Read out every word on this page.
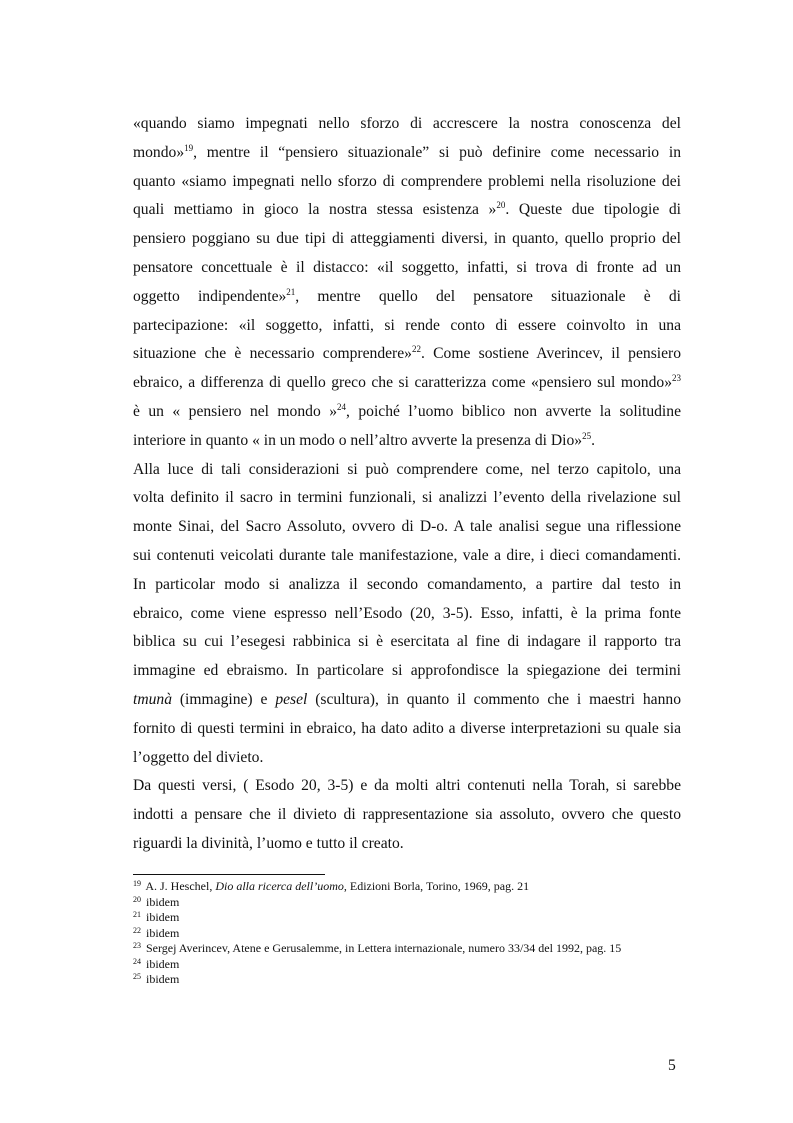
«quando siamo impegnati nello sforzo di accrescere la nostra conoscenza del
mondo»$^{19}$, mentre il “pensiero situazionale” si può definire come necessario in
quanto «siamo impegnati nello sforzo di comprendere problemi nella risoluzione dei
quali mettiamo in gioco la nostra stessa esistenza »$^{20}$. Queste due tipologie di
pensiero poggiano su due tipi di atteggiamenti diversi, in quanto, quello proprio del
pensatore concettuale è il distacco: «il soggetto, infatti, si trova di fronte ad un
oggetto indipendente»$^{21}$, mentre quello del pensatore situazionale è di
partecipazione: «il soggetto, infatti, si rende conto di essere coinvolto in una
situazione che è necessario comprendere»$^{22}$. Come sostiene Averincev, il pensiero
ebraico, a differenza di quello greco che si caratterizza come «pensiero sul mondo»$^{23}$
è un « pensiero nel mondo »$^{24}$, poiché l’uomo biblico non avverte la solitudine
interiore in quanto « in un modo o nell’altro avverte la presenza di Dio»$^{25}$.

Alla luce di tali considerazioni si può comprendere come, nel terzo capitolo, una
volta definito il sacro in termini funzionali, si analizzi l’evento della rivelazione sul
monte Sinai, del Sacro Assoluto, ovvero di D-o. A tale analisi segue una riflessione
sui contenuti veicolati durante tale manifestazione, vale a dire, i dieci comandamenti.
In particolar modo si analizza il secondo comandamento, a partire dal testo in
ebraico, come viene espresso nell’Esodo (20, 3-5). Esso, infatti, è la prima fonte
biblica su cui l’esegesi rabbinica si è esercitata al fine di indagare il rapporto tra
immagine ed ebraismo. In particolare si approfondisce la spiegazione dei termini
tmunà (immagine) e pesel (scultura), in quanto il commento che i maestri hanno
fornito di questi termini in ebraico, ha dato adito a diverse interpretazioni su quale sia
l’oggetto del divieto.

Da questi versi, ( Esodo 20, 3-5) e da molti altri contenuti nella Torah, si sarebbe
indotti a pensare che il divieto di rappresentazione sia assoluto, ovvero che questo
riguardi la divinità, l’uomo e tutto il creato.

$^{19}$ A. J. Heschel, Dio alla ricerca dell’uomo, Edizioni Borla, Torino, 1969, pag. 21
$^{20}$ ibidem
$^{21}$ ibidem
$^{22}$ ibidem
$^{23}$ Sergej Averincev, Atene e Gerusalemme, in Lettera internazionale, numero 33/34 del 1992, pag. 15
$^{24}$ ibidem
$^{25}$ ibidem
5
